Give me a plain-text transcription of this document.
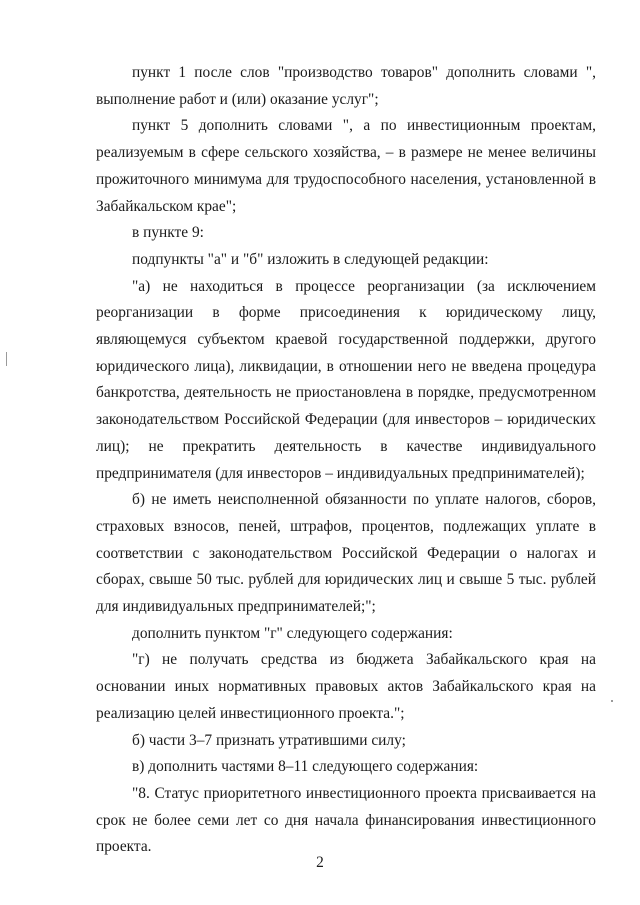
пункт 1 после слов "производство товаров" дополнить словами ", выполнение работ и (или) оказание услуг";

пункт 5 дополнить словами ", а по инвестиционным проектам, реализуемым в сфере сельского хозяйства, – в размере не менее величины прожиточного минимума для трудоспособного населения, установленной в Забайкальском крае";

в пункте 9:

подпункты "а" и "б" изложить в следующей редакции:

"а) не находиться в процессе реорганизации (за исключением реорганизации в форме присоединения к юридическому лицу, являющемуся субъектом краевой государственной поддержки, другого юридического лица), ликвидации, в отношении него не введена процедура банкротства, деятельность не приостановлена в порядке, предусмотренном законодательством Российской Федерации (для инвесторов – юридических лиц); не прекратить деятельность в качестве индивидуального предпринимателя (для инвесторов – индивидуальных предпринимателей);

б) не иметь неисполненной обязанности по уплате налогов, сборов, страховых взносов, пеней, штрафов, процентов, подлежащих уплате в соответствии с законодательством Российской Федерации о налогах и сборах, свыше 50 тыс. рублей для юридических лиц и свыше 5 тыс. рублей для индивидуальных предпринимателей;";

дополнить пунктом "г" следующего содержания:

"г) не получать средства из бюджета Забайкальского края на основании иных нормативных правовых актов Забайкальского края на реализацию целей инвестиционного проекта.";

б) части 3–7 признать утратившими силу;

в) дополнить частями 8–11 следующего содержания:

"8. Статус приоритетного инвестиционного проекта присваивается на срок не более семи лет со дня начала финансирования инвестиционного проекта.

2
